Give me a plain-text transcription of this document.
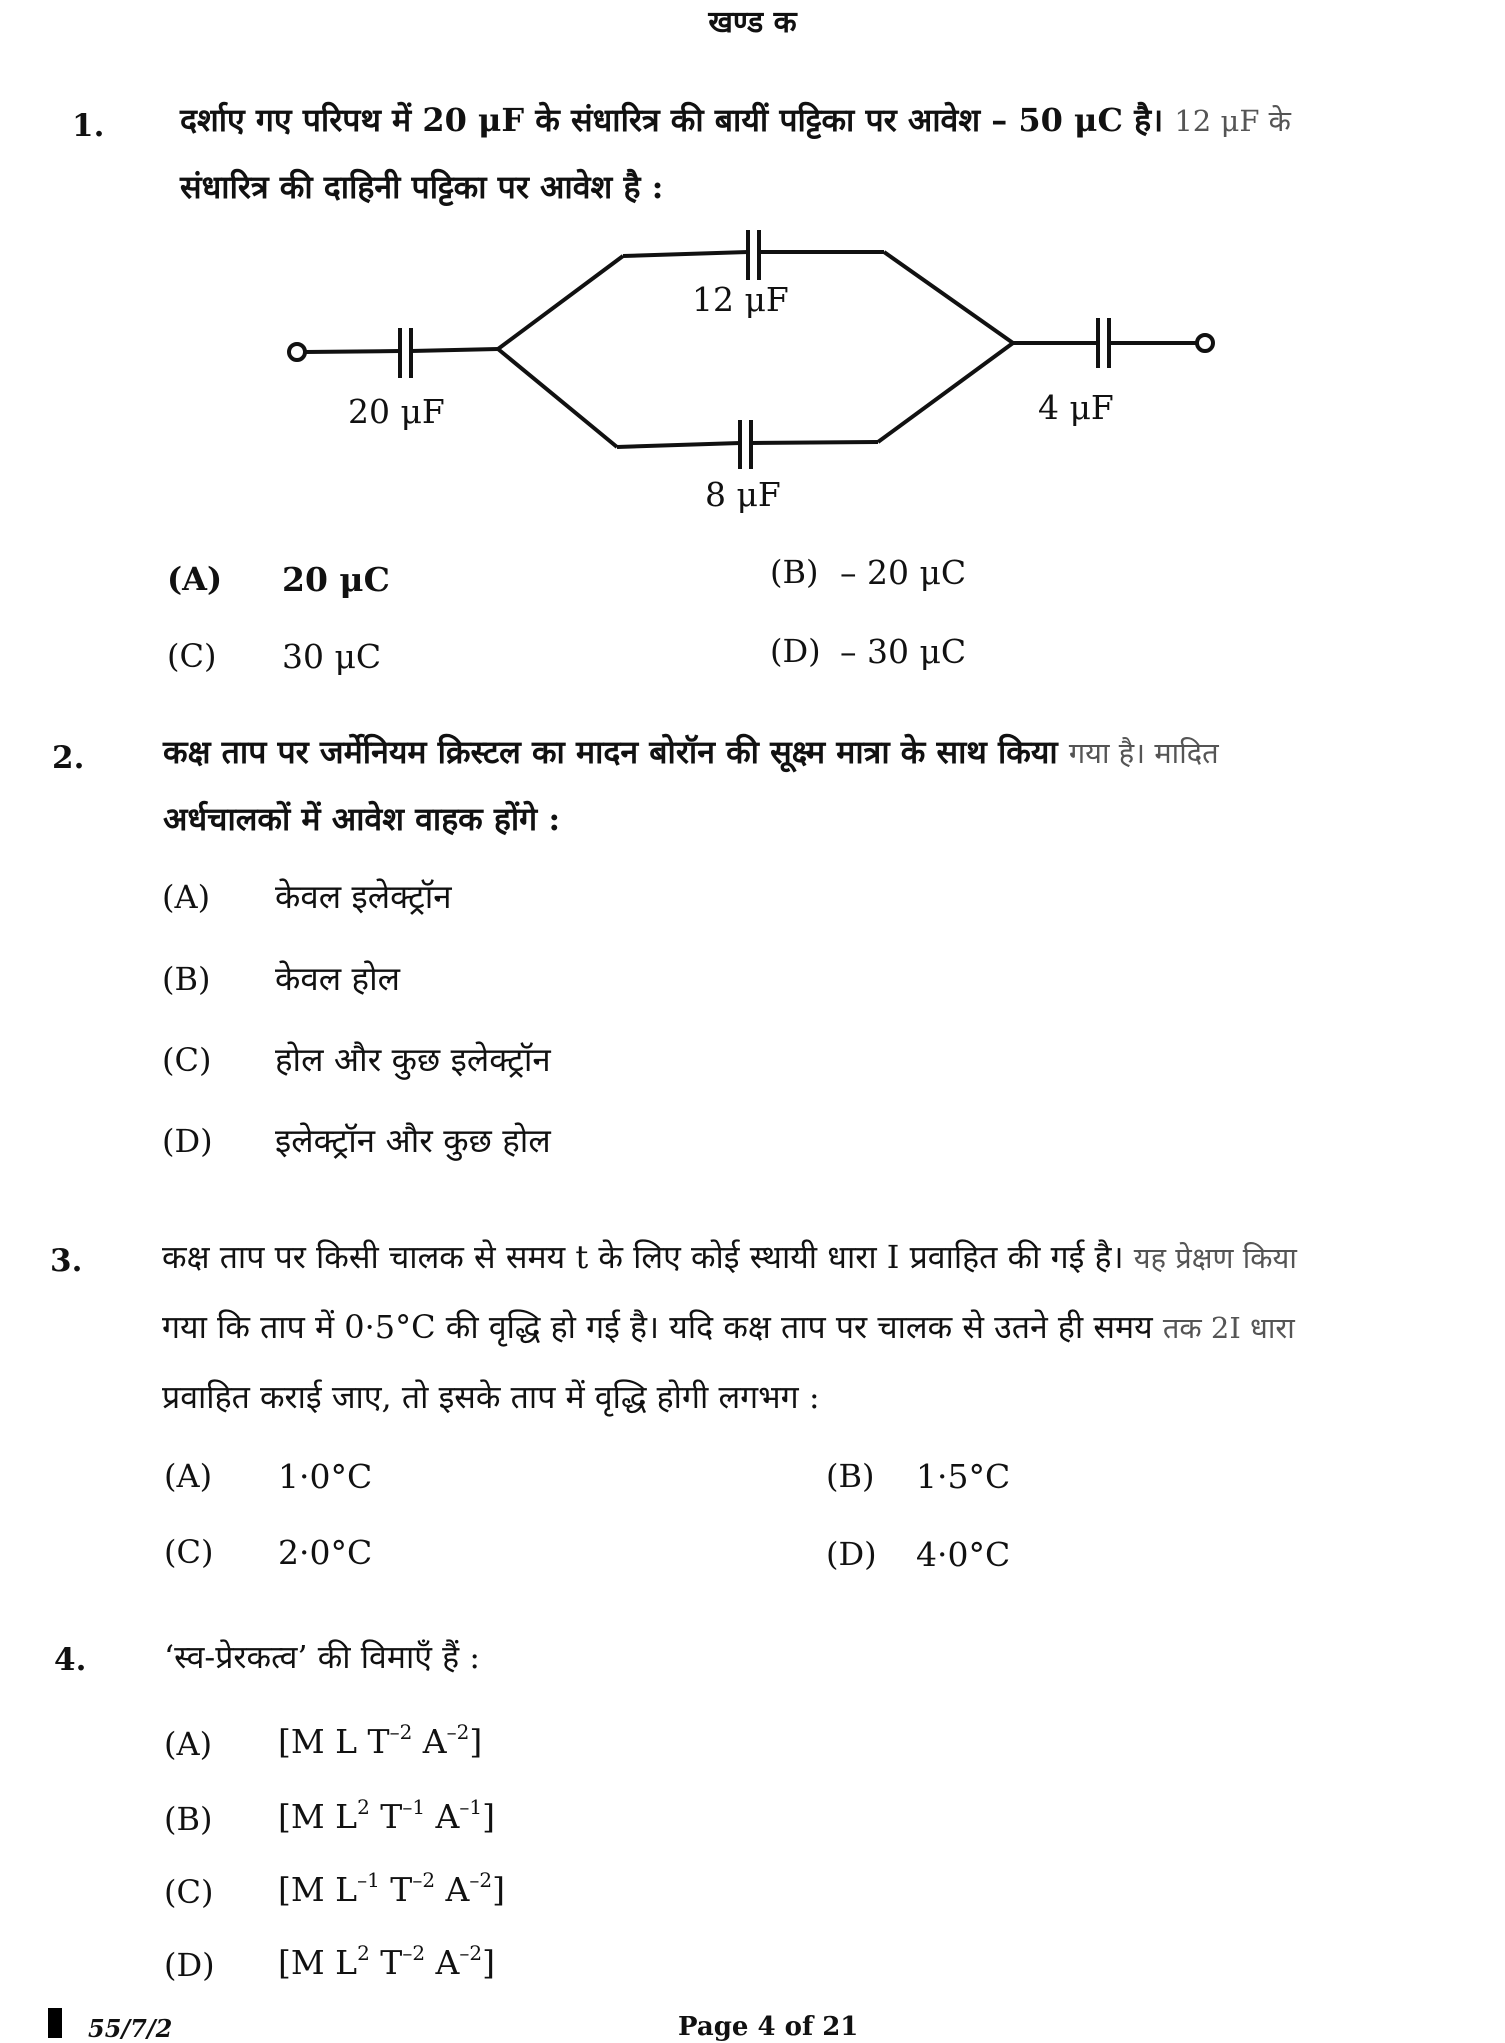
खण्ड क
1. दर्शाए गए परिपथ में 20 μF के संधारित्र की बायीं पट्टिका पर आवेश – 50 μC है। 12 μF के
संधारित्र की दाहिनी पट्टिका पर आवेश है :
20 μF
12 μF
8 μF
4 μF
(A) 20 μC	(B) – 20 μC
(C) 30 μC	(D) – 30 μC
2. कक्ष ताप पर जर्मेनियम क्रिस्टल का मादन बोरॉन की सूक्ष्म मात्रा के साथ किया गया है। मादित
अर्धचालकों में आवेश वाहक होंगे :
(A) केवल इलेक्ट्रॉन
(B) केवल होल
(C) होल और कुछ इलेक्ट्रॉन
(D) इलेक्ट्रॉन और कुछ होल
3. कक्ष ताप पर किसी चालक से समय t के लिए कोई स्थायी धारा I प्रवाहित की गई है। यह प्रेक्षण किया
गया कि ताप में 0·5°C की वृद्धि हो गई है। यदि कक्ष ताप पर चालक से उतने ही समय तक 2I धारा
प्रवाहित कराई जाए, तो इसके ताप में वृद्धि होगी लगभग :
(A) 1·0°C	(B) 1·5°C
(C) 2·0°C	(D) 4·0°C
4. ‘स्व-प्रेरकत्व’ की विमाएँ हैं :
(A) [M L $T^{-2}$ $A^{-2}$]
(B) [M $L^2$ $T^{-1}$ $A^{-1}$]
(C) [M $L^{-1}$ $T^{-2}$ $A^{-2}$]
(D) [M $L^2$ $T^{-2}$ $A^{-2}$]
55/7/2	Page 4 of 21
